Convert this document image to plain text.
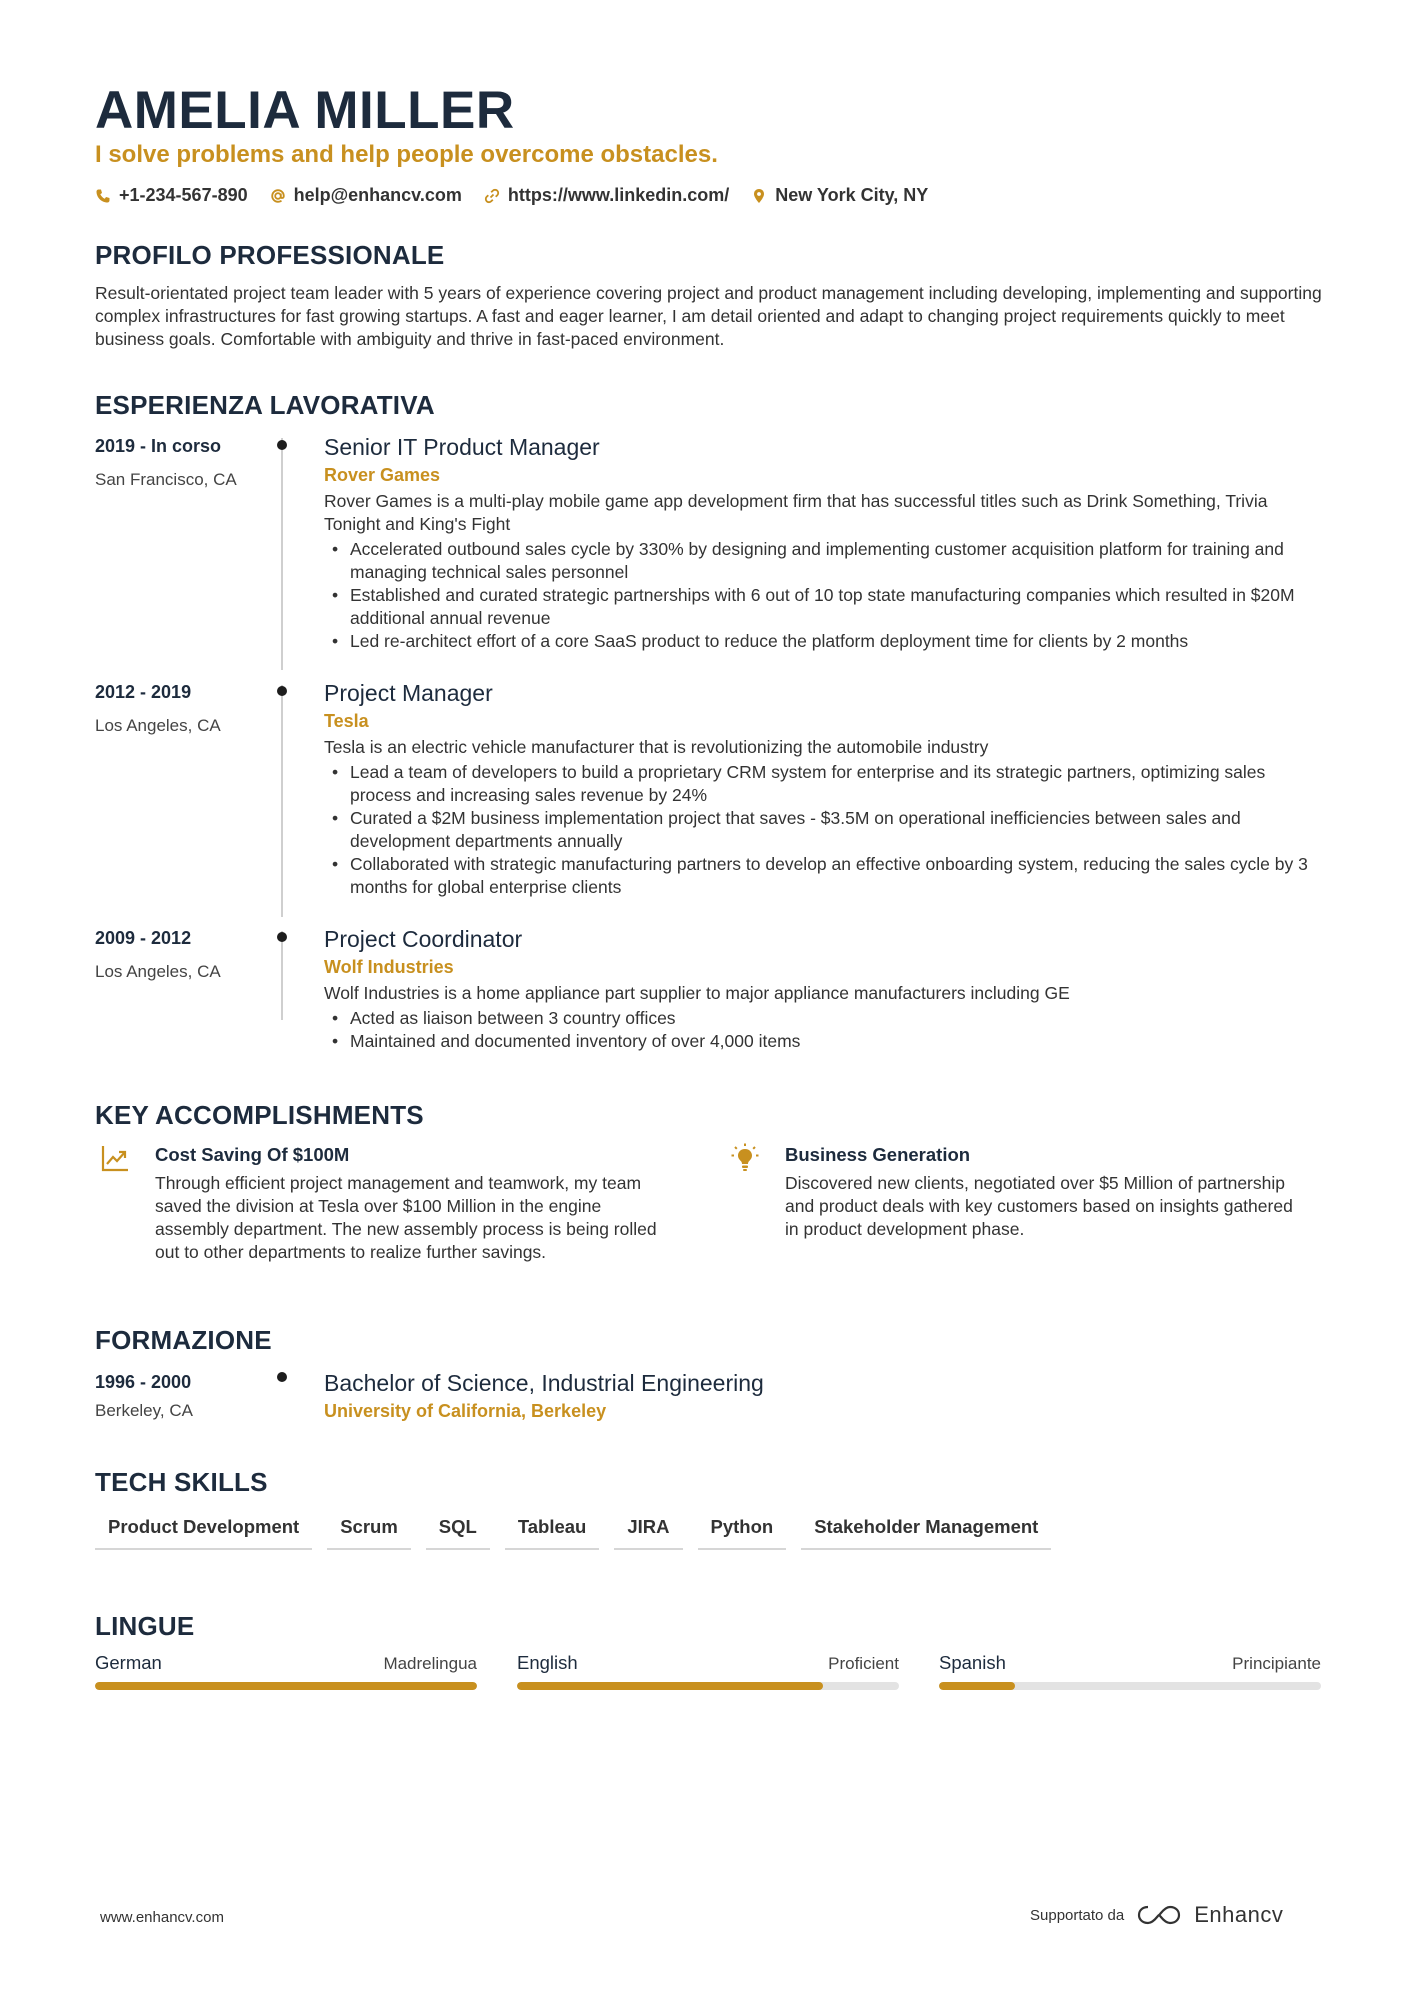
AMELIA MILLER
I solve problems and help people overcome obstacles.
+1-234-567-890	help@enhancv.com	https://www.linkedin.com/	New York City, NY
PROFILO PROFESSIONALE
Result-orientated project team leader with 5 years of experience covering project and product management including developing, implementing and supporting complex infrastructures for fast growing startups. A fast and eager learner, I am detail oriented and adapt to changing project requirements quickly to meet business goals. Comfortable with ambiguity and thrive in fast-paced environment.
ESPERIENZA LAVORATIVA
2019 - In corso
San Francisco, CA
Senior IT Product Manager
Rover Games
Rover Games is a multi-play mobile game app development firm that has successful titles such as Drink Something, Trivia Tonight and King's Fight
• Accelerated outbound sales cycle by 330% by designing and implementing customer acquisition platform for training and managing technical sales personnel
• Established and curated strategic partnerships with 6 out of 10 top state manufacturing companies which resulted in $20M additional annual revenue
• Led re-architect effort of a core SaaS product to reduce the platform deployment time for clients by 2 months
2012 - 2019
Los Angeles, CA
Project Manager
Tesla
Tesla is an electric vehicle manufacturer that is revolutionizing the automobile industry
• Lead a team of developers to build a proprietary CRM system for enterprise and its strategic partners, optimizing sales process and increasing sales revenue by 24%
• Curated a $2M business implementation project that saves - $3.5M on operational inefficiencies between sales and development departments annually
• Collaborated with strategic manufacturing partners to develop an effective onboarding system, reducing the sales cycle by 3 months for global enterprise clients
2009 - 2012
Los Angeles, CA
Project Coordinator
Wolf Industries
Wolf Industries is a home appliance part supplier to major appliance manufacturers including GE
• Acted as liaison between 3 country offices
• Maintained and documented inventory of over 4,000 items
KEY ACCOMPLISHMENTS
Cost Saving Of $100M
Through efficient project management and teamwork, my team saved the division at Tesla over $100 Million in the engine assembly department. The new assembly process is being rolled out to other departments to realize further savings.
Business Generation
Discovered new clients, negotiated over $5 Million of partnership and product deals with key customers based on insights gathered in product development phase.
FORMAZIONE
1996 - 2000
Berkeley, CA
Bachelor of Science, Industrial Engineering
University of California, Berkeley
TECH SKILLS
Product Development	Scrum	SQL	Tableau	JIRA	Python	Stakeholder Management
LINGUE
German	Madrelingua English	Proficient Spanish	Principiante
www.enhancv.com	Supportato da	Enhancv
